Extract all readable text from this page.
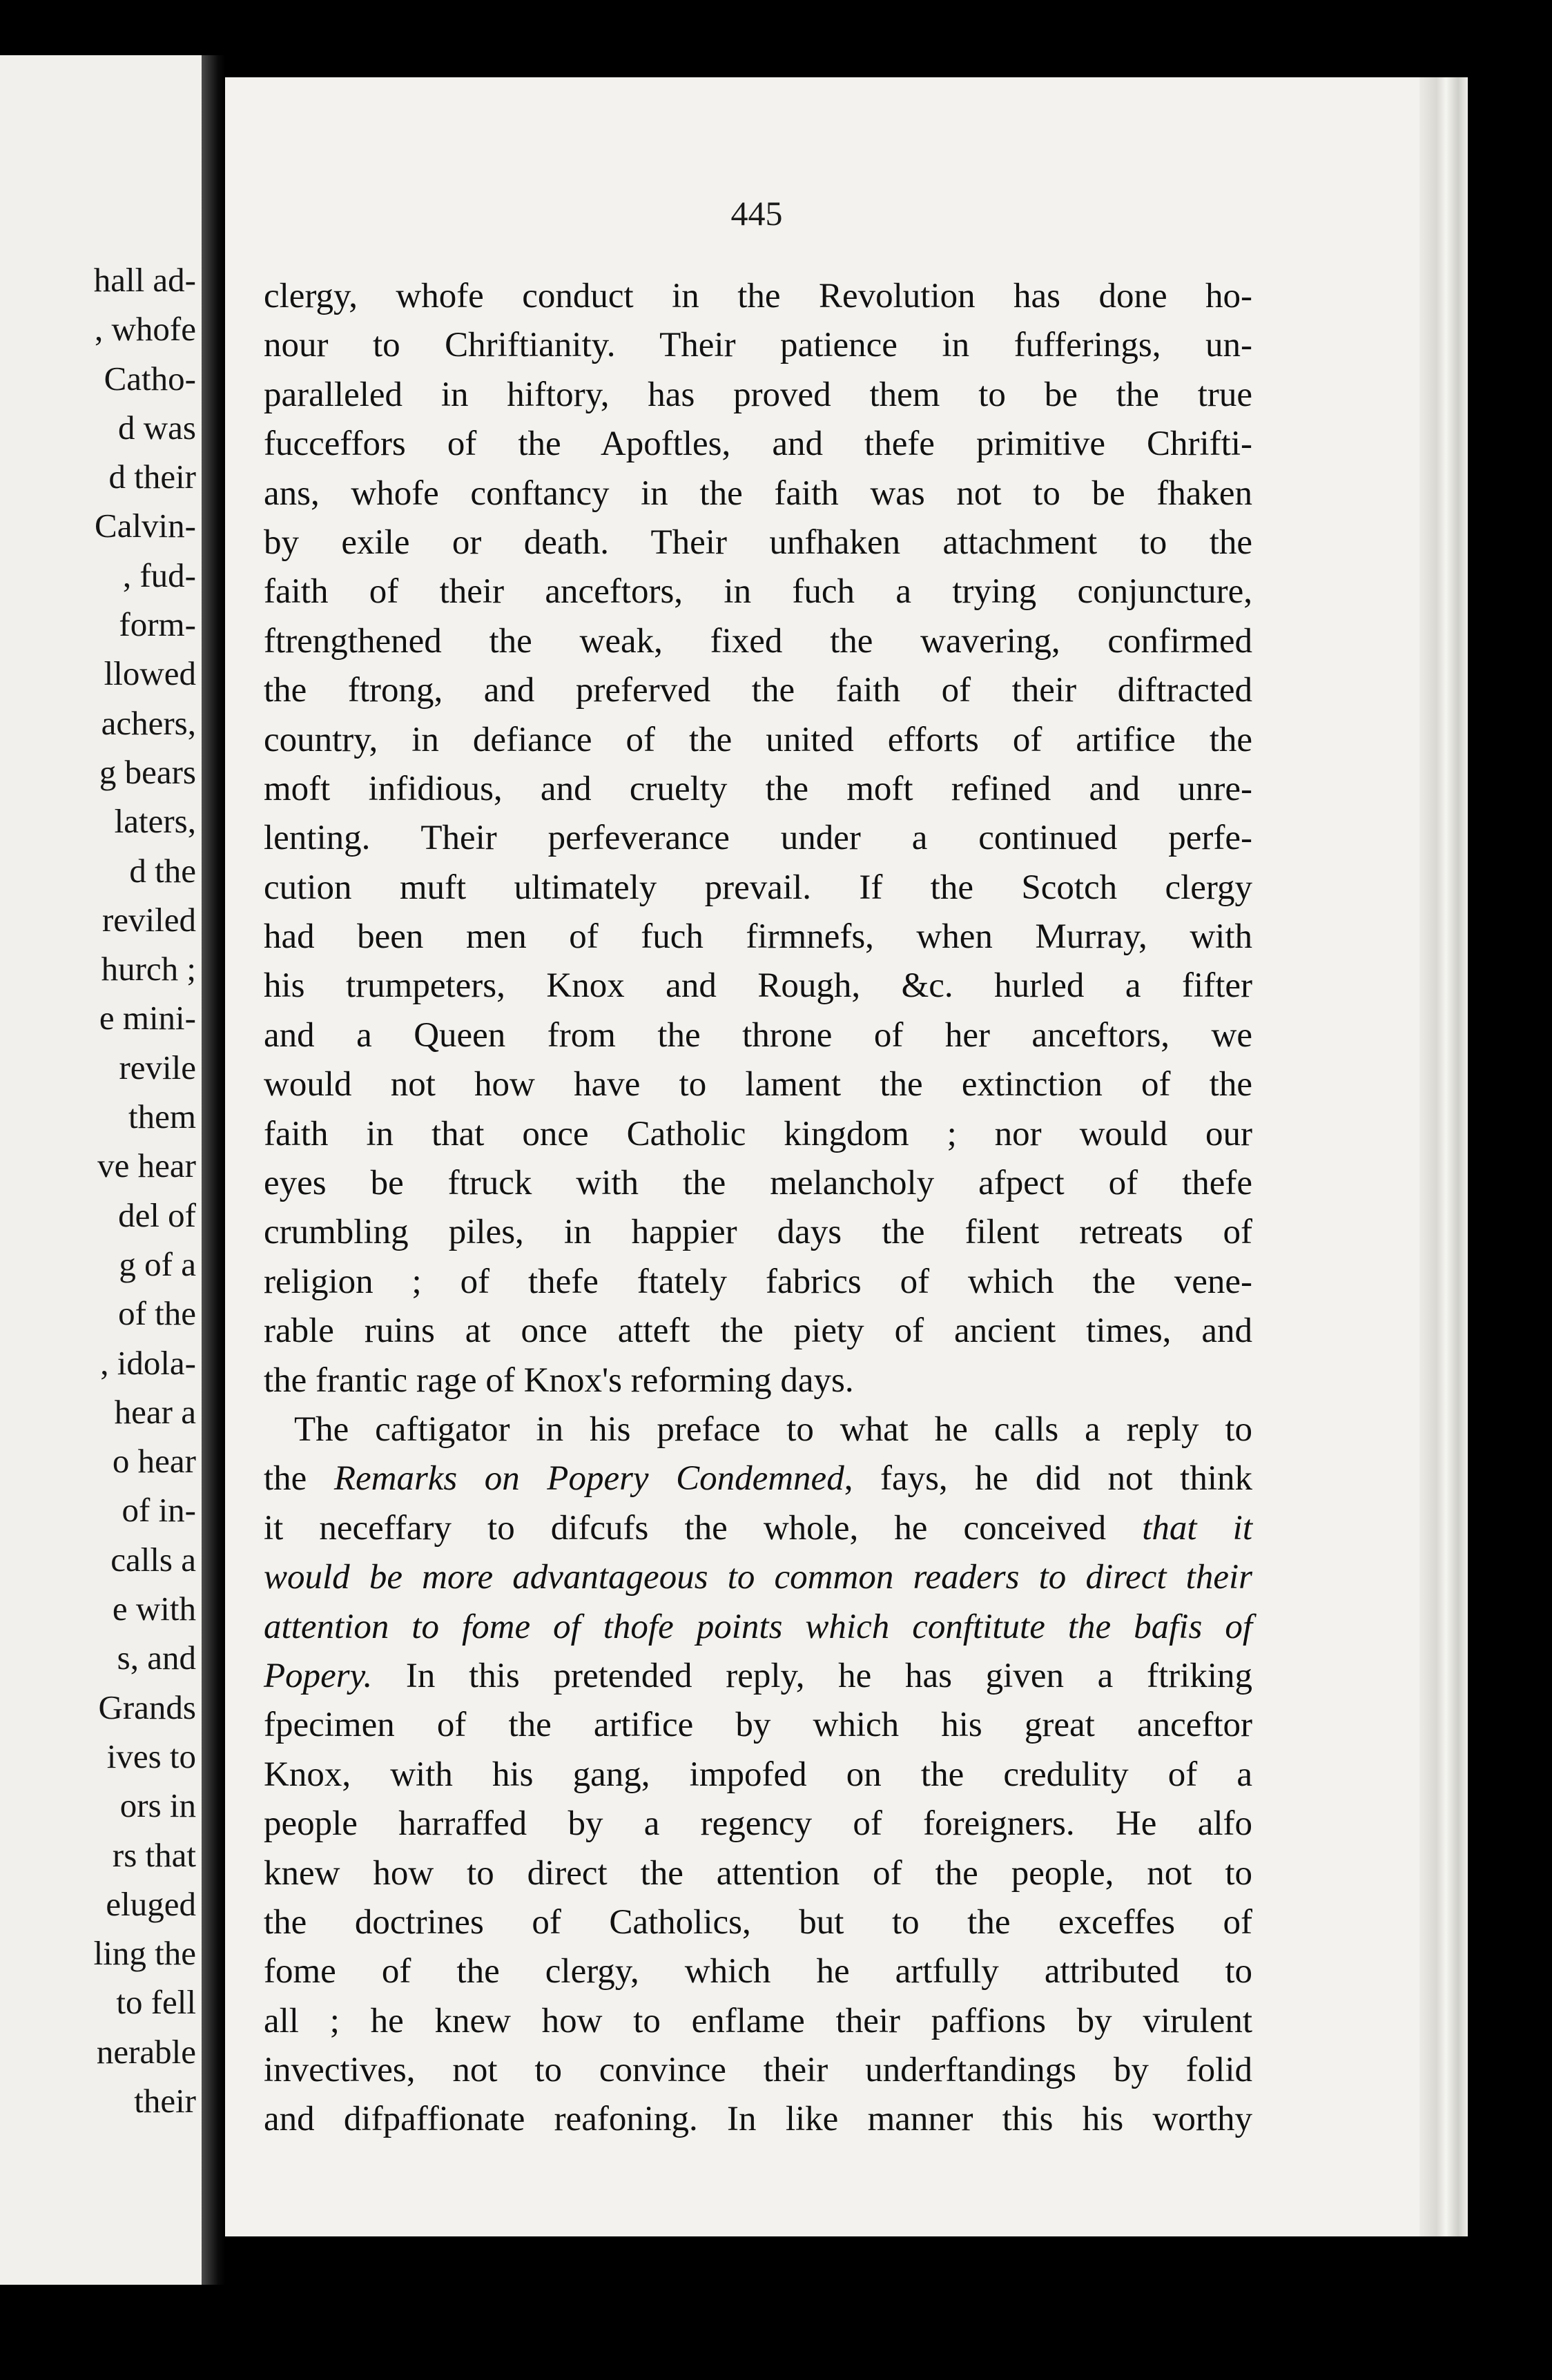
hall ad-
, whofe
Catho-
d was
d their
Calvin-
, fud-
form-
llowed
achers,
g bears
laters,
d the
reviled
hurch ;
e mini-
revile
them
ve hear
del of
g of a
of the
, idola-
hear a
o hear
of in-
calls a
e with
s, and
Grands
ives to
ors in
rs that
eluged
ling the
to fell
nerable
their
445
clergy, whofe conduct in the Revolution has done ho-
nour to Chriftianity. Their patience in fufferings, un-
paralleled in hiftory, has proved them to be the true
fucceffors of the Apoftles, and thefe primitive Chrifti-
ans, whofe conftancy in the faith was not to be fhaken
by exile or death. Their unfhaken attachment to the
faith of their anceftors, in fuch a trying conjuncture,
ftrengthened the weak, fixed the wavering, confirmed
the ftrong, and preferved the faith of their diftracted
country, in defiance of the united efforts of artifice the
moft infidious, and cruelty the moft refined and unre-
lenting. Their perfeverance under a continued perfe-
cution muft ultimately prevail. If the Scotch clergy
had been men of fuch firmnefs, when Murray, with
his trumpeters, Knox and Rough, &c. hurled a fifter
and a Queen from the throne of her anceftors, we
would not how have to lament the extinction of the
faith in that once Catholic kingdom ; nor would our
eyes be ftruck with the melancholy afpect of thefe
crumbling piles, in happier days the filent retreats of
religion ; of thefe ftately fabrics of which the vene-
rable ruins at once atteft the piety of ancient times, and
the frantic rage of Knox's reforming days.
The caftigator in his preface to what he calls a reply to
the Remarks on Popery Condemned, fays, he did not think
it neceffary to difcufs the whole, he conceived that it
would be more advantageous to common readers to direct their
attention to fome of thofe points which conftitute the bafis of
Popery. In this pretended reply, he has given a ftriking
fpecimen of the artifice by which his great anceftor
Knox, with his gang, impofed on the credulity of a
people harraffed by a regency of foreigners. He alfo
knew how to direct the attention of the people, not to
the doctrines of Catholics, but to the exceffes of
fome of the clergy, which he artfully attributed to
all ; he knew how to enflame their paffions by virulent
invectives, not to convince their underftandings by folid
and difpaffionate reafoning. In like manner this his worthy
